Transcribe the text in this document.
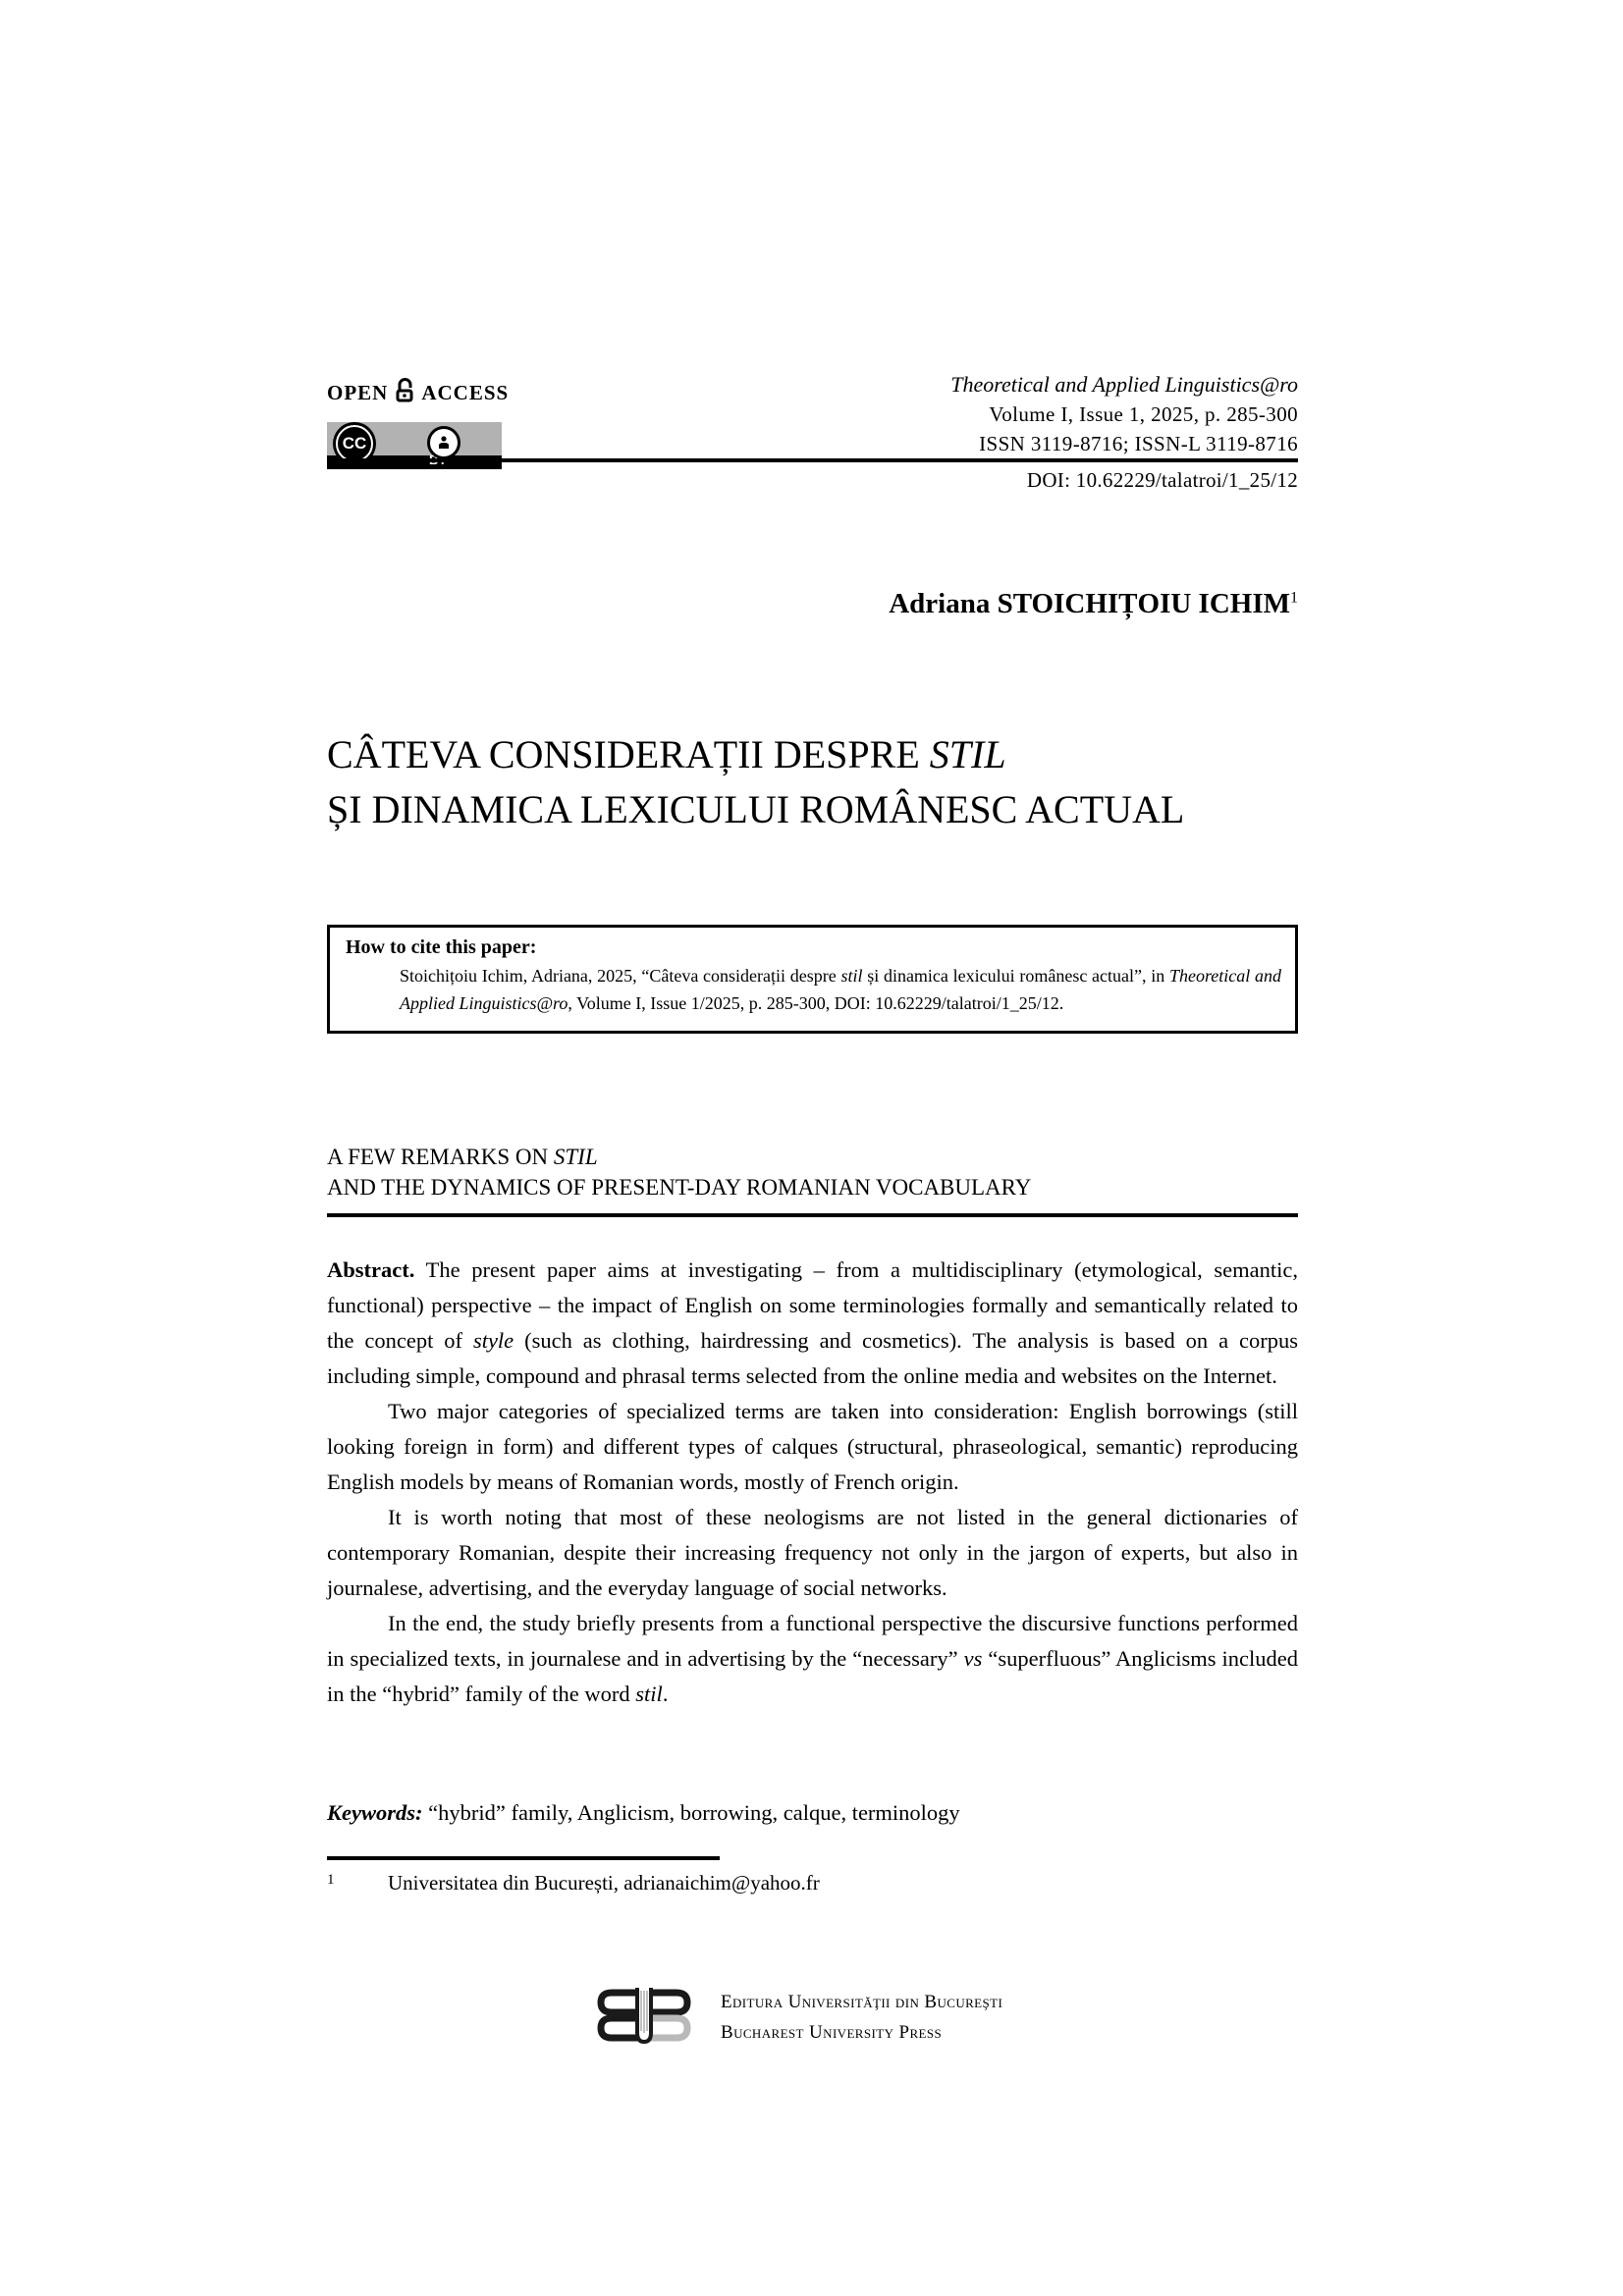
OPEN ACCESS
CC
Theoretical and Applied Linguistics@ro
Volume I, Issue 1, 2025, p. 285-300
ISSN 3119-8716; ISSN-L 3119-8716
DOI: 10.62229/talatroi/1_25/12
Adriana STOICHIȚOIU ICHIM$^1$
CÂTEVA CONSIDERAȚII DESPRE STIL
ȘI DINAMICA LEXICULUI ROMÂNESC ACTUAL
How to cite this paper:
Stoichițoiu Ichim, Adriana, 2025, “Câteva considerații despre stil și dinamica lexicului românesc actual”, in Theoretical and Applied Linguistics@ro, Volume I, Issue 1/2025, p. 285-300, DOI: 10.62229/talatroi/1_25/12.
A FEW REMARKS ON STIL
AND THE DYNAMICS OF PRESENT-DAY ROMANIAN VOCABULARY

Abstract. The present paper aims at investigating – from a multidisciplinary (etymological, semantic, functional) perspective – the impact of English on some terminologies formally and semantically related to the concept of style (such as clothing, hairdressing and cosmetics). The analysis is based on a corpus including simple, compound and phrasal terms selected from the online media and websites on the Internet.

Two major categories of specialized terms are taken into consideration: English borrowings (still looking foreign in form) and different types of calques (structural, phraseological, semantic) reproducing English models by means of Romanian words, mostly of French origin.

It is worth noting that most of these neologisms are not listed in the general dictionaries of contemporary Romanian, despite their increasing frequency not only in the jargon of experts, but also in journalese, advertising, and the everyday language of social networks.

In the end, the study briefly presents from a functional perspective the discursive functions performed in specialized texts, in journalese and in advertising by the “necessary” vs “superfluous” Anglicisms included in the “hybrid” family of the word stil.

Keywords: “hybrid” family, Anglicism, borrowing, calque, terminology

1	Universitatea din București, adrianaichim@yahoo.fr
Editura Universităţii din Bucureşti
Bucharest University Press
